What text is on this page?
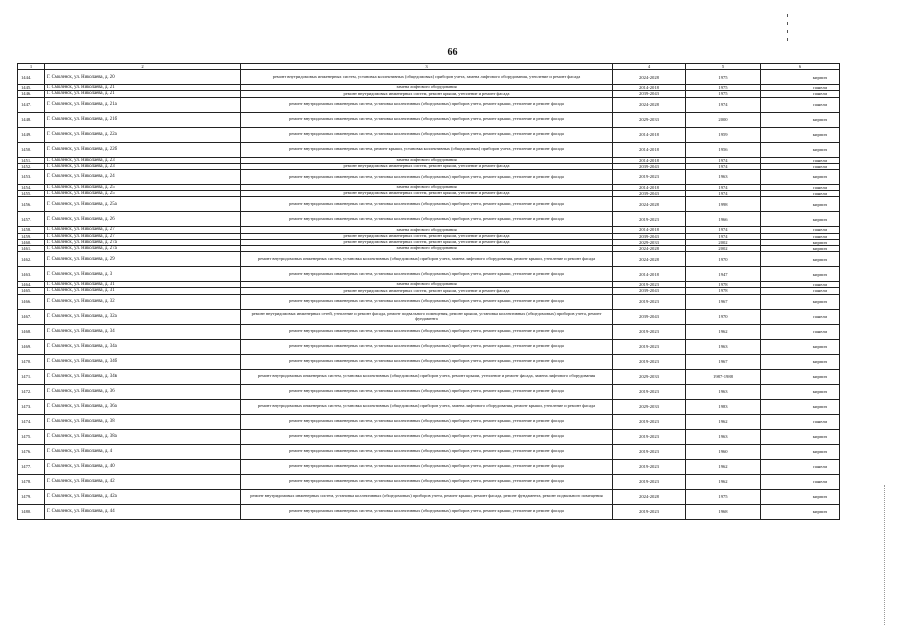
66
1	2	3	4	5	6
1444.	Г. Смоленск, ул. Николаева, д. 20	ремонт внутридомовых инженерных систем, установка коллективных (общедомовых) приборов учета, замена лифтового оборудования, утепление и ремонт фасада	2024-2028	1975	кирпич
1445.	Г. Смоленск, ул. Николаева, д. 21	замена лифтового оборудования	2014-2018	1975	панели
1446.	Г. Смоленск, ул. Николаева, д. 21	ремонт внутридомовых инженерных систем, ремонт крыши, утепление и ремонт фасада	2039-2043	1975	панели
1447.	Г. Смоленск, ул. Николаева, д. 21а	ремонт внутридомовых инженерных систем, установка коллективных (общедомовых) приборов учета, ремонт крыши, утепление и ремонт фасада	2024-2028	1974	панели
1448.	Г. Смоленск, ул. Николаева, д. 21б	ремонт внутридомовых инженерных систем, установка коллективных (общедомовых) приборов учета, ремонт крыши, утепление и ремонт фасада	2029-2033	2000	кирпич
1449.	Г. Смоленск, ул. Николаева, д. 22а	ремонт внутридомовых инженерных систем, установка коллективных (общедомовых) приборов учета, ремонт крыши, утепление и ремонт фасада	2014-2018	1959	кирпич
1450.	Г. Смоленск, ул. Николаева, д. 22б	ремонт внутридомовых инженерных систем, ремонт крыши, установка коллективных (общедомовых) приборов учета, утепление и ремонт фасада	2014-2018	1956	кирпич
1451.	Г. Смоленск, ул. Николаева, д. 23	замена лифтового оборудования	2014-2018	1974	панели
1452.	Г. Смоленск, ул. Николаева, д. 23	ремонт внутридомовых инженерных систем, ремонт крыши, утепление и ремонт фасада	2039-2043	1974	панели
1453.	Г. Смоленск, ул. Николаева, д. 24	ремонт внутридомовых инженерных систем, установка коллективных (общедомовых) приборов учета, ремонт крыши, утепление и ремонт фасада	2019-2023	1963	кирпич
1454.	Г. Смоленск, ул. Николаева, д. 25	замена лифтового оборудования	2014-2018	1974	панели
1455.	Г. Смоленск, ул. Николаева, д. 25	ремонт внутридомовых инженерных систем, ремонт крыши, утепление и ремонт фасада	2039-2043	1974	панели
1456.	Г. Смоленск, ул. Николаева, д. 25а	ремонт внутридомовых инженерных систем, установка коллективных (общедомовых) приборов учета, ремонт крыши, утепление и ремонт фасада	2024-2028	1998	кирпич
1457.	Г. Смоленск, ул. Николаева, д. 26	ремонт внутридомовых инженерных систем, установка коллективных (общедомовых) приборов учета, ремонт крыши, утепление и ремонт фасада	2019-2023	1966	кирпич
1458.	Г. Смоленск, ул. Николаева, д. 27	замена лифтового оборудования	2014-2018	1974	панели
1459.	Г. Смоленск, ул. Николаева, д. 27	ремонт внутридомовых инженерных систем, ремонт крыши, утепление и ремонт фасада	2039-2043	1974	панели
1460.	Г. Смоленск, ул. Николаева, д. 27а	ремонт внутридомовых инженерных систем, ремонт крыши, утепление и ремонт фасада	2029-2033	2002	кирпич
1461.	Г. Смоленск, ул. Николаева, д. 27а	замена лифтового оборудования	2024-2028	2002	кирпич
1462.	Г. Смоленск, ул. Николаева, д. 29	ремонт внутридомовых инженерных систем, установка коллективных (общедомовых) приборов учета, замена лифтового оборудования, ремонт крыши, утепление и ремонт фасада	2024-2028	1970	кирпич
1463.	Г. Смоленск, ул. Николаева, д. 3	ремонт внутридомовых инженерных систем, установка коллективных (общедомовых) приборов учета, ремонт крыши, утепление и ремонт фасада	2014-2018	1947	кирпич
1464.	Г. Смоленск, ул. Николаева, д. 31	замена лифтового оборудования	2019-2023	1978	панели
1465.	Г. Смоленск, ул. Николаева, д. 31	ремонт внутридомовых инженерных систем, ремонт крыши, утепление и ремонт фасада	2039-2043	1978	панели
1466.	Г. Смоленск, ул. Николаева, д. 32	ремонт внутридомовых инженерных систем, установка коллективных (общедомовых) приборов учета, ремонт крыши, утепление и ремонт фасада	2019-2023	1967	кирпич
1467.	Г. Смоленск, ул. Николаева, д. 32а	ремонт внутридомовых инженерных сетей, утепление и ремонт фасада, ремонт подвального помещения, ремонт крыши, установка коллективных (общедомовых) приборов учета, ремонт фундамента	2039-2043	1970	панели
1468.	Г. Смоленск, ул. Николаева, д. 34	ремонт внутридомовых инженерных систем, установка коллективных (общедомовых) приборов учета, ремонт крыши, утепление и ремонт фасада	2019-2023	1962	панели
1469.	Г. Смоленск, ул. Николаева, д. 34а	ремонт внутридомовых инженерных систем, установка коллективных (общедомовых) приборов учета, ремонт крыши, утепление и ремонт фасада	2019-2023	1963	кирпич
1470.	Г. Смоленск, ул. Николаева, д. 34б	ремонт внутридомовых инженерных систем, установка коллективных (общедомовых) приборов учета, ремонт крыши, утепление и ремонт фасада	2019-2023	1967	кирпич
1471.	Г. Смоленск, ул. Николаева, д. 34в	ремонт внутридомовых инженерных систем, установка коллективных (общедомовых) приборов учета, ремонт крыши, утепление и ремонт фасада, замена лифтового оборудования	2029-2033	1987-1988	кирпич
1472.	Г. Смоленск, ул. Николаева, д. 36	ремонт внутридомовых инженерных систем, установка коллективных (общедомовых) приборов учета, ремонт крыши, утепление и ремонт фасада	2019-2023	1963	кирпич
1473.	Г. Смоленск, ул. Николаева, д. 36а	ремонт внутридомовых инженерных систем, установка коллективных (общедомовых) приборов учета, замена лифтового оборудования, ремонт крыши, утепление и ремонт фасада	2029-2033	1983	кирпич
1474.	Г. Смоленск, ул. Николаева, д. 38	ремонт внутридомовых инженерных систем, установка коллективных (общедомовых) приборов учета, ремонт крыши, утепление и ремонт фасада	2019-2023	1962	панели
1475.	Г. Смоленск, ул. Николаева, д. 38а	ремонт внутридомовых инженерных систем, установка коллективных (общедомовых) приборов учета, ремонт крыши, утепление и ремонт фасада	2019-2023	1963	кирпич
1476.	Г. Смоленск, ул. Николаева, д. 4	ремонт внутридомовых инженерных систем, установка коллективных (общедомовых) приборов учета, ремонт крыши, утепление и ремонт фасада	2019-2023	1960	кирпич
1477.	Г. Смоленск, ул. Николаева, д. 40	ремонт внутридомовых инженерных систем, установка коллективных (общедомовых) приборов учета, ремонт крыши, утепление и ремонт фасада	2019-2023	1962	панели
1478.	Г. Смоленск, ул. Николаева, д. 42	ремонт внутридомовых инженерных систем, установка коллективных (общедомовых) приборов учета, ремонт крыши, утепление и ремонт фасада	2019-2023	1962	панели
1479.	Г. Смоленск, ул. Николаева, д. 42а	ремонт внутридомовых инженерных систем, установка коллективных (общедомовых) приборов учета, ремонт крыши, ремонт фасада, ремонт фундамента, ремонт подвального помещения	2024-2028	1975	кирпич
1480.	Г. Смоленск, ул. Николаева, д. 44	ремонт внутридомовых инженерных систем, установка коллективных (общедомовых) приборов учета, ремонт крыши, утепление и ремонт фасада	2019-2023	1968	кирпич
